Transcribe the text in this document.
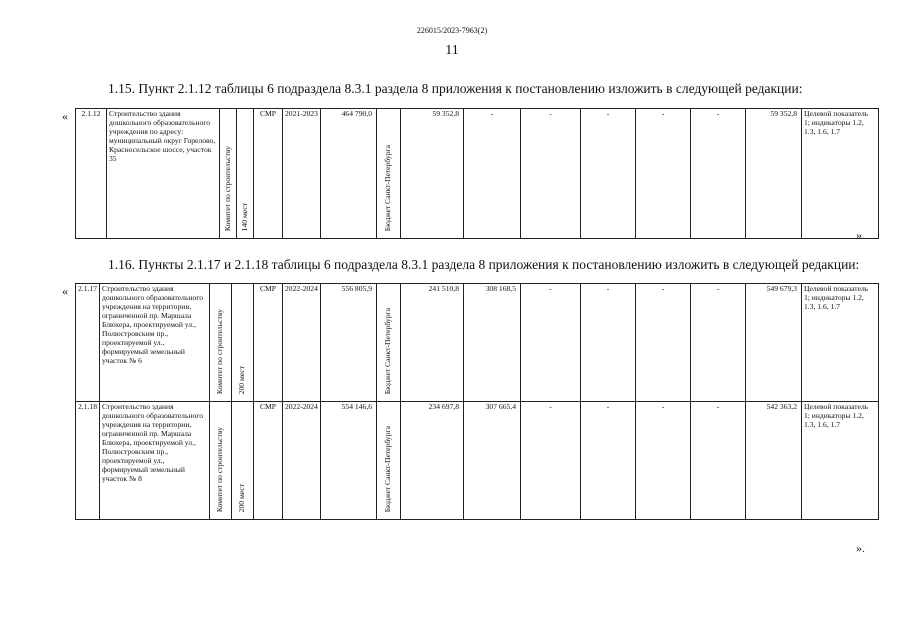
226015/2023-7963(2)
11
1.15. Пункт 2.1.12 таблицы 6 подраздела 8.3.1 раздела 8 приложения к постановлению изложить в следующей редакции:
«
».
2.1.12	Строительство здания дошкольного образовательного учреждения по адресу: муниципальный округ Горелово, Красносельское шоссе, участок 35	Комитет по строительству	140 мест	СМР	2021-2023	464 790,0	Бюджет Санкт-Петербурга	59 352,8	-	-	-	-	-	59 352,8	Целевой показатель 1; индикаторы 1.2, 1.3, 1.6, 1.7
1.16. Пункты 2.1.17 и 2.1.18 таблицы 6 подраздела 8.3.1 раздела 8 приложения к постановлению изложить в следующей редакции:
«
».
2.1.17	Строительство здания дошкольного образовательного учреждения на территории, ограниченной пр. Маршала Блюхера, проектируемой ул., Полюстровским пр., проектируемой ул., формируемый земельный участок № 6	Комитет по строительству	200 мест	СМР	2022-2024	556 805,9	Бюджет Санкт-Петербурга	241 510,8	308 168,5	-	-	-	-	549 679,3	Целевой показатель 1; индикаторы 1.2, 1.3, 1.6, 1.7
2.1.18	Строительство здания дошкольного образовательного учреждения на территории, ограниченной пр. Маршала Блюхера, проектируемой ул., Полюстровским пр., проектируемой ул., формируемый земельный участок № 8	Комитет по строительству	200 мест	СМР	2022-2024	554 146,6	Бюджет Санкт-Петербурга	234 697,8	307 665,4	-	-	-	-	542 363,2	Целевой показатель 1; индикаторы 1.2, 1.3, 1.6, 1.7
